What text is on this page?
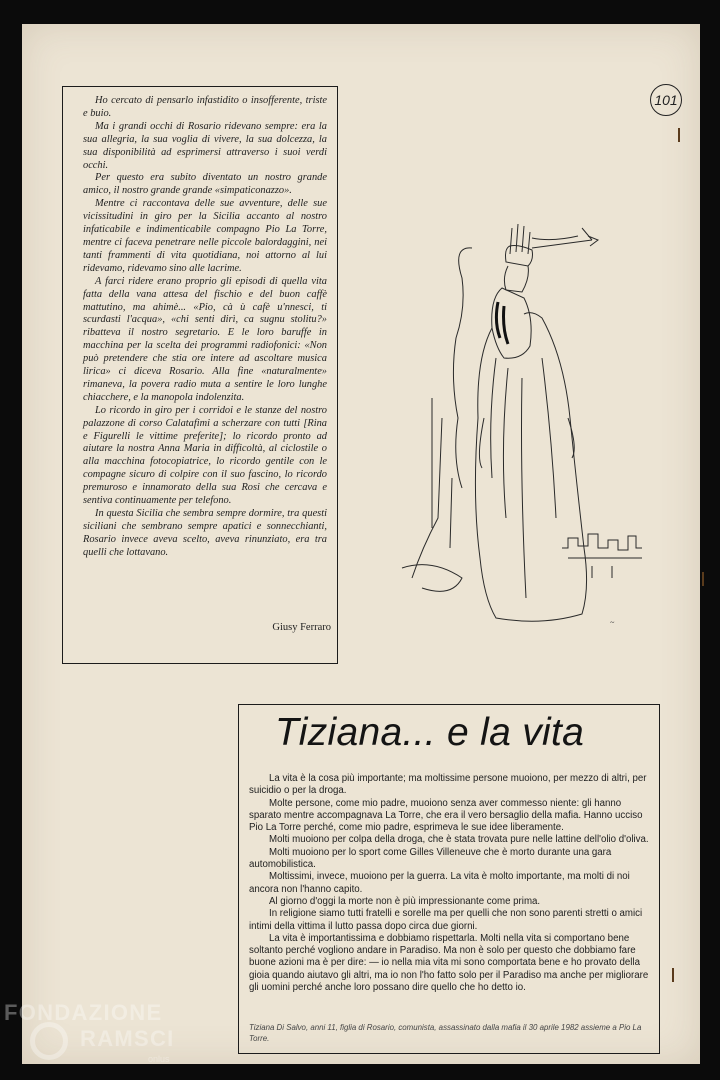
101

Ho cercato di pensarlo infastidito o insofferente, triste e buio.

Ma i grandi occhi di Rosario ridevano sempre: era la sua allegria, la sua voglia di vivere, la sua dolcezza, la sua disponibilità ad esprimersi attraverso i suoi verdi occhi.

Per questo era subito diventato un nostro grande amico, il nostro grande grande «simpaticonazzo».

Mentre ci raccontava delle sue avventure, delle sue vicissitudini in giro per la Sicilia accanto al nostro infaticabile e indimenticabile compagno Pio La Torre, mentre ci faceva penetrare nelle piccole balordaggini, nei tanti frammenti di vita quotidiana, noi attorno al lui ridevamo, ridevamo sino alle lacrime.

A farci ridere erano proprio gli episodi di quella vita fatta della vana attesa del fischio e del buon caffè mattutino, ma ahimè... «Pio, cà ù cafè u'nnesci, ti scurdasti l'acqua», «chi senti dirì, ca sugnu stolitu?» ribatteva il nostro segretario. E le loro baruffe in macchina per la scelta dei programmi radiofonici: «Non può pretendere che stia ore intere ad ascoltare musica lirica» ci diceva Rosario. Alla fine «naturalmente» rimaneva, la povera radio muta a sentire le loro lunghe chiacchere, e la manopola indolenzita.

Lo ricordo in giro per i corridoi e le stanze del nostro palazzone di corso Calatafimi a scherzare con tutti [Rina e Figurelli le vittime preferite]; lo ricordo pronto ad aiutare la nostra Anna Maria in difficoltà, al ciclostile o alla macchina fotocopiatrice, lo ricordo gentile con le compagne sicuro di colpire con il suo fascino, lo ricordo premuroso e innamorato della sua Rosi che cercava e sentiva continuamente per telefono.

In questa Sicilia che sembra sempre dormire, tra questi siciliani che sembrano sempre apatici e sonnecchianti, Rosario invece aveva scelto, aveva rinunziato, era tra quelli che lottavano.

Giusy Ferraro	~
Tiziana... e la vita

La vita è la cosa più importante; ma moltissime persone muoiono, per mezzo di altri, per suicidio o per la droga.

Molte persone, come mio padre, muoiono senza aver commesso niente: gli hanno sparato mentre accompagnava La Torre, che era il vero bersaglio della mafia. Hanno ucciso Pio La Torre perché, come mio padre, esprimeva le sue idee liberamente.

Molti muoiono per colpa della droga, che è stata trovata pure nelle lattine dell'olio d'oliva.

Molti muoiono per lo sport come Gilles Villeneuve che è morto durante una gara automobilistica.

Moltissimi, invece, muoiono per la guerra. La vita è molto importante, ma molti di noi ancora non l'hanno capito.

Al giorno d'oggi la morte non è più impressionante come prima.

In religione siamo tutti fratelli e sorelle ma per quelli che non sono parenti stretti o amici intimi della vittima il lutto passa dopo circa due giorni.

La vita è importantissima e dobbiamo rispettarla. Molti nella vita si comportano bene soltanto perché vogliono andare in Paradiso. Ma non è solo per questo che dobbiamo fare buone azioni ma è per dire: — io nella mia vita mi sono comportata bene e ho provato della gioia quando aiutavo gli altri, ma io non l'ho fatto solo per il Paradiso ma anche per migliorare gli uomini perché anche loro possano dire quello che ho detto io.

Tiziana Di Salvo, anni 11, figlia di Rosario, comunista, assassinato dalla mafia il 30 aprile 1982 assieme a Pio La Torre.
FONDAZIONE
RAMSCI
onlus
